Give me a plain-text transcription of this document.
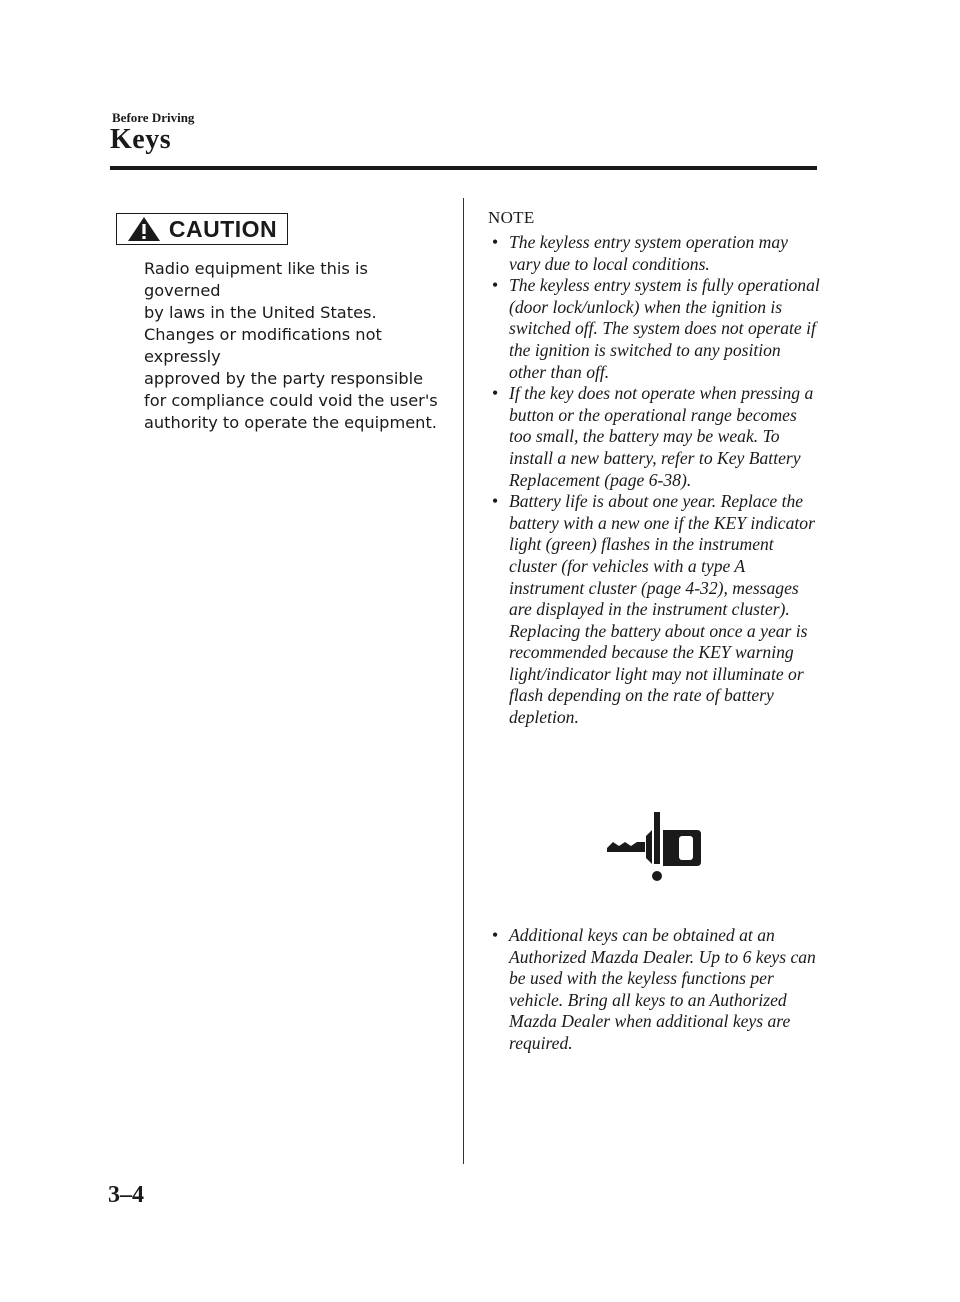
Before Driving
Keys
CAUTION

Radio equipment like this is governed

by laws in the United States.

Changes or modifications not expressly

approved by the party responsible

for compliance could void the user's

authority to operate the equipment.

NOTE
• The keyless entry system operation may vary due to local conditions.
• The keyless entry system is fully operational (door lock/unlock) when the ignition is switched off. The system does not operate if the ignition is switched to any position other than off.
• If the key does not operate when pressing a button or the operational range becomes too small, the battery may be weak. To install a new battery, refer to Key Battery Replacement (page 6-38).
• Battery life is about one year. Replace the battery with a new one if the KEY indicator light (green) flashes in the instrument cluster (for vehicles with a type A instrument cluster (page 4-32), messages are displayed in the instrument cluster). Replacing the battery about once a year is recommended because the KEY warning light/indicator light may not illuminate or flash depending on the rate of battery depletion.
• Additional keys can be obtained at an Authorized Mazda Dealer. Up to 6 keys can be used with the keyless functions per vehicle. Bring all keys to an Authorized Mazda Dealer when additional keys are required.
3–4
